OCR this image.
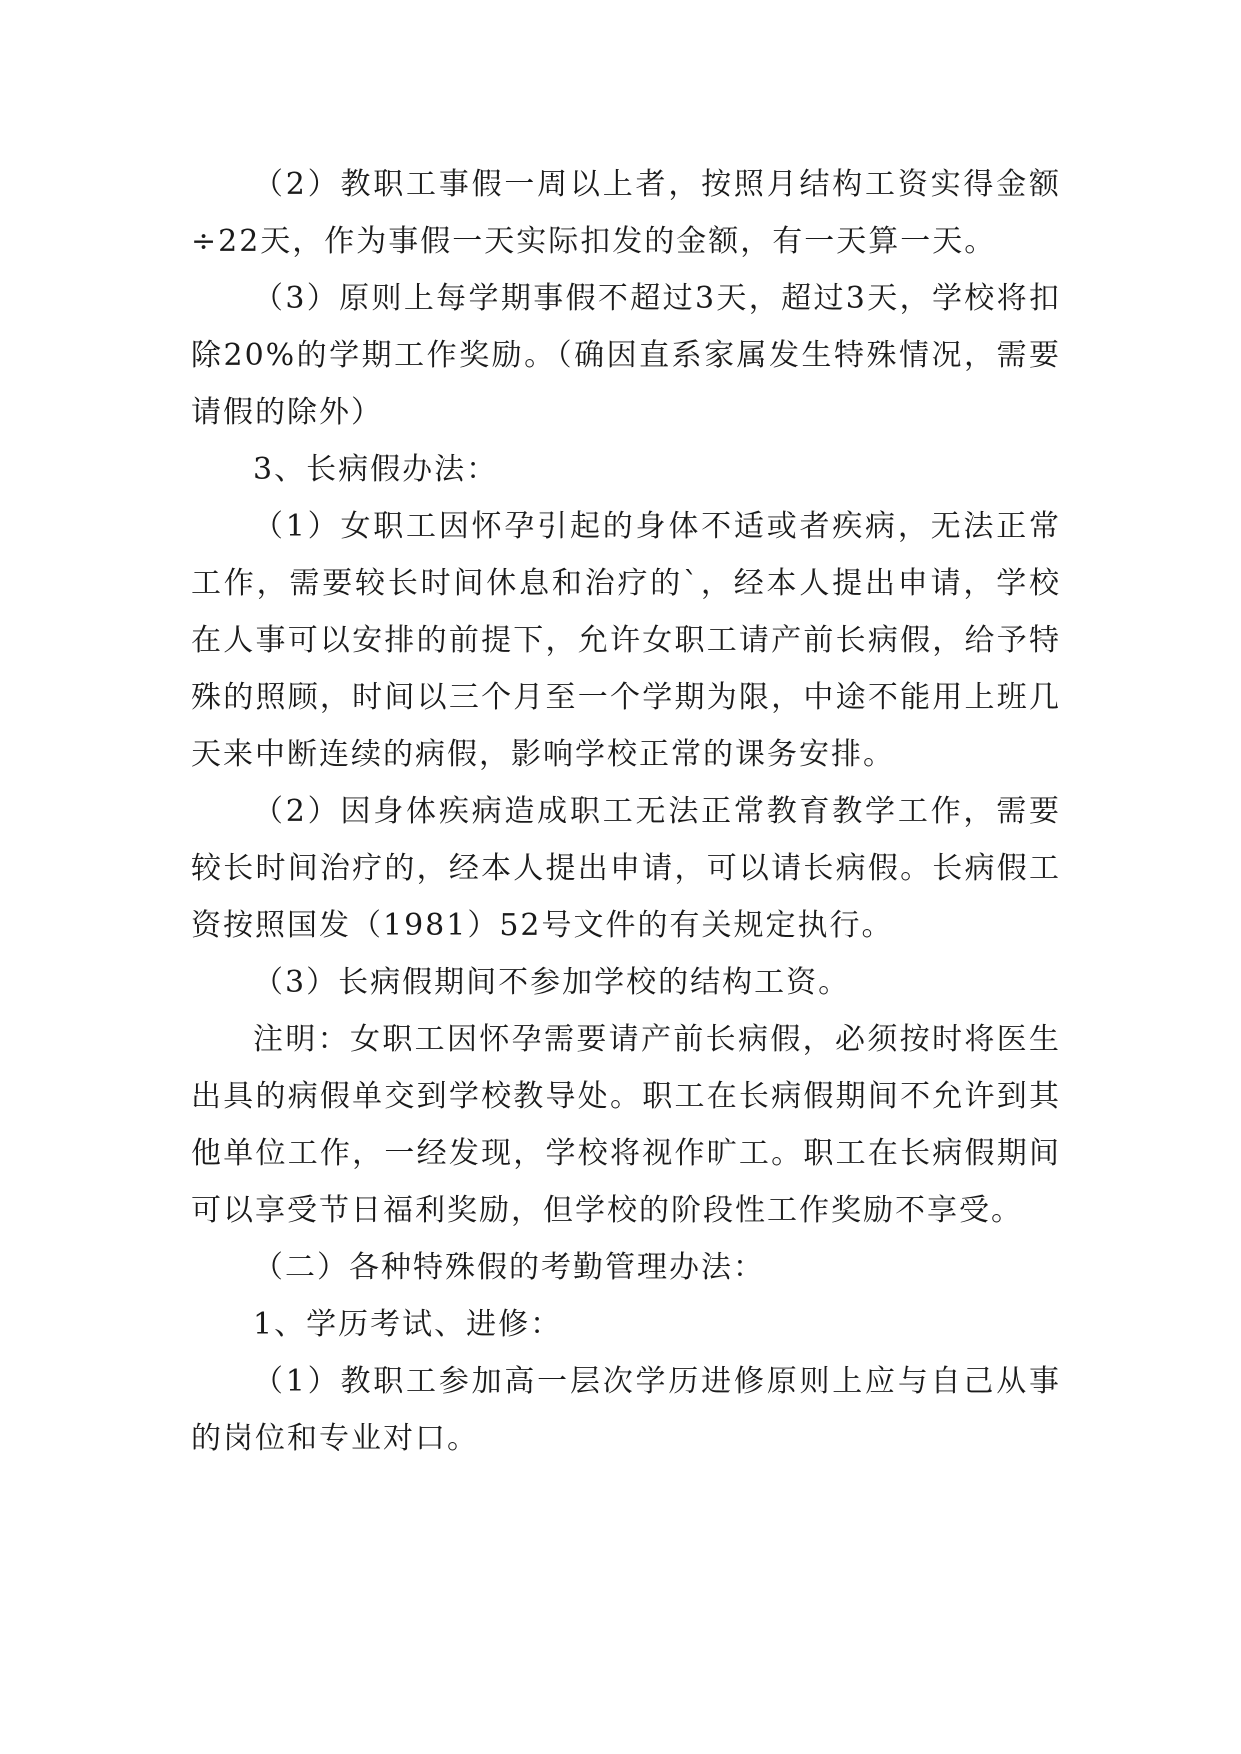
（2）教职工事假一周以上者，按照月结构工资实得金额÷22天，作为事假一天实际扣发的金额，有一天算一天。

（3）原则上每学期事假不超过3天，超过3天，学校将扣除20%的学期工作奖励。（确因直系家属发生特殊情况，需要请假的除外）

3、长病假办法：

（1）女职工因怀孕引起的身体不适或者疾病，无法正常工作，需要较长时间休息和治疗的`，经本人提出申请，学校在人事可以安排的前提下，允许女职工请产前长病假，给予特殊的照顾，时间以三个月至一个学期为限，中途不能用上班几天来中断连续的病假，影响学校正常的课务安排。

（2）因身体疾病造成职工无法正常教育教学工作，需要较长时间治疗的，经本人提出申请，可以请长病假。长病假工资按照国发（1981）52号文件的有关规定执行。

（3）长病假期间不参加学校的结构工资。

注明：女职工因怀孕需要请产前长病假，必须按时将医生出具的病假单交到学校教导处。职工在长病假期间不允许到其他单位工作，一经发现，学校将视作旷工。职工在长病假期间可以享受节日福利奖励，但学校的阶段性工作奖励不享受。

（二）各种特殊假的考勤管理办法：

1、学历考试、进修：

（1）教职工参加高一层次学历进修原则上应与自己从事的岗位和专业对口。
